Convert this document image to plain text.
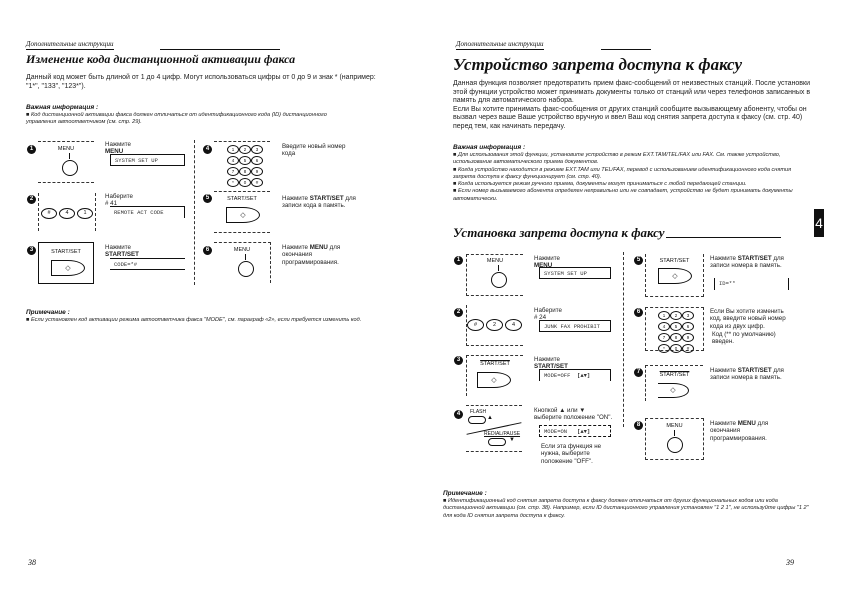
Дополнительные инструкции
Изменение кода дистанционной активации факса
Данный код может быть длиной от 1 до 4 цифр. Могут использоваться цифры от 0 до 9 и знак * (например: "1*", "133", "123*").
Важная информация :
■ Код дистанционной активации факса должен отличаться от идентификационного кода (ID) дистанционного управления автоответчиком (см. стр. 29).
1	MENU
Нажмите MENU
SYSTEM SET UP
2
#	4	1
Наберите # 41
REMOTE ACT CODE
3	START/SET
◇
Нажмите START/SET
CODE=*#
4	1	2	3
4	5	6
7	8	9
*	0	#
Введите новый номер кода
5	START/SET
◇
Нажмите START/SET для записи кода в память.
6	MENU	Нажмите MENU для окончания программирования.
Примечание :
■ Если установлен код активации режима автоответчика факса "MODE", см. параграф «2», если требуется изменить код.
38
Дополнительные инструкции
Устройство запрета доступа к факсу
Данная функция позволяет предотвратить прием факс-сообщений от неизвестных станций. После установки этой функции устройство может принимать документы только от станций или через телефонов записанных в память для автоматического набора.
Если Вы хотите принимать факс-сообщения от других станций сообщите вызывающему абоненту, чтобы он вызвал через ваше Ваше устройство вручную и ввел Ваш код снятия запрета доступа к факсу (см. стр. 40) перед тем, как начинать передачу.
Важная информация :
■ Для использования этой функции, установите устройство в режим EXT.TAM/TEL/FAX или FAX. См. также устройство, использование автоматического приема документов.
■ Когда устройство находится в режиме EXT.TAM или TEL/FAX, перевод с использованием идентификационного кода снятия запрета доступа к факсу функционирует (см. стр. 40).
■ Когда используется режим ручного приема, документы могут приниматься с любой передающей станции.
■ Если номер вызываемого абонента определен неправильно или не совпадает, устройство не будет принимать документы автоматически.
4
Установка запрета доступа к факсу
1	MENU	Нажмите MENU
SYSTEM SET UP
2
#	2	4
Наберите # 24
JUNK FAX PROHIBIT
3
START/SET
◇
Нажмите START/SET
MODE=OFF [▲▼]
4	FLASH
▲
REDIAL/PAUSE
▼
Кнопкой ▲ или ▼ выберите положение "ON".
MODE=ON [▲▼]
Если эта функция не нужна, выберите положение "OFF".
5	START/SET
◇
Нажмите START/SET для записи номера в память.
ID=**
6
1	2	3
4	5	6
7	8	9
*	0	#
Если Вы хотите изменить код, введите новый номер кода из двух цифр.
Код (** по умолчанию) введен.
7	START/SET
◇
Нажмите START/SET для записи номера в память.
8	MENU	Нажмите MENU для окончания программирования.
Примечание :
■ Идентификационный код снятия запрета доступа к факсу должен отличаться от других функциональных кодов или кода дистанционной активации (см. стр. 38). Например, если ID дистанционного управления установлен "1 2 1", не используйте цифры "1 2" для кода ID снятия запрета доступа к факсу.
39
